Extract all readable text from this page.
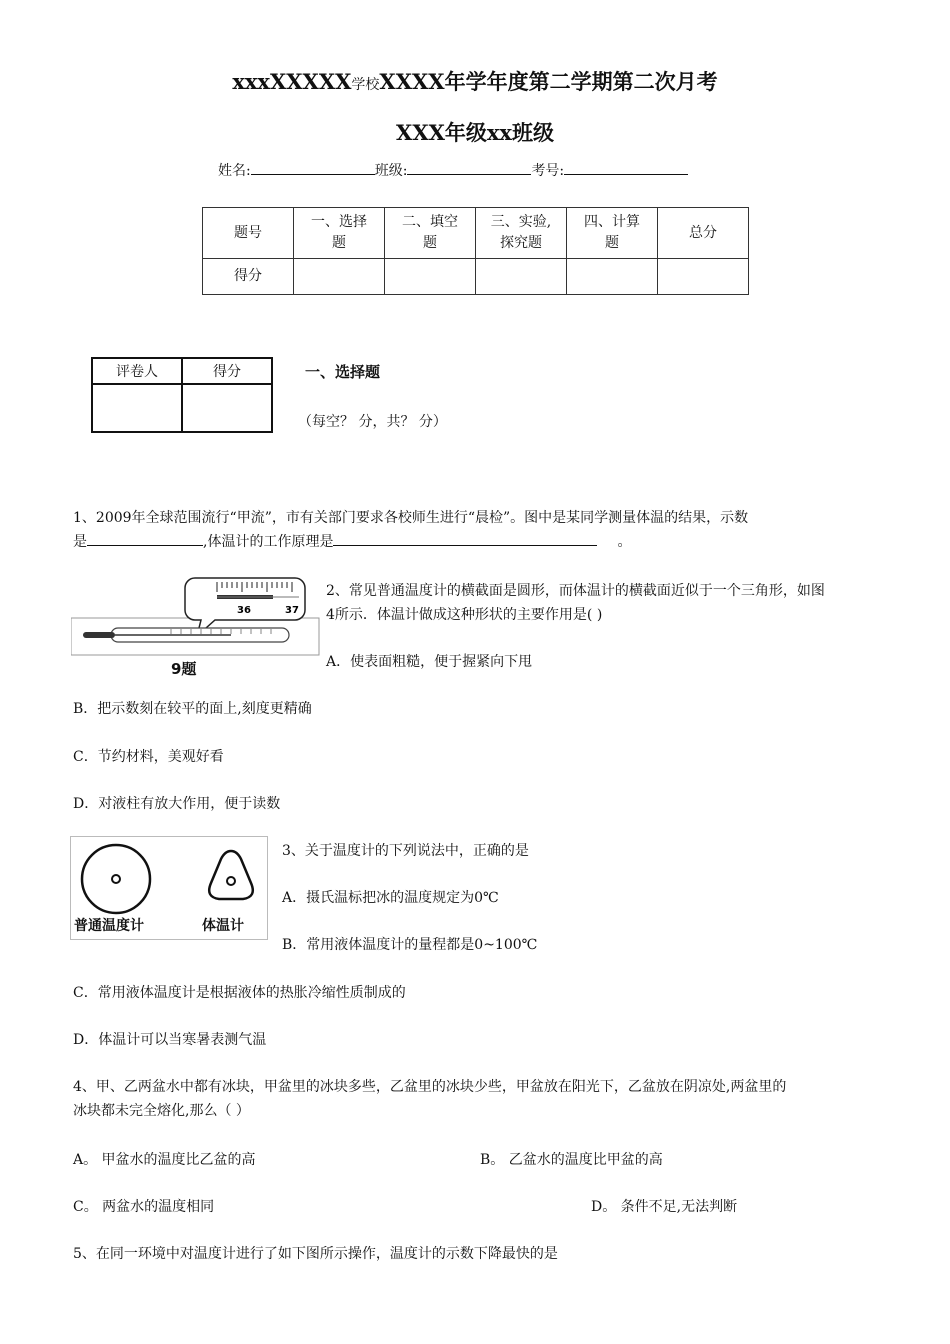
xxxXXXXX学校XXXX年学年度第二学期第二次月考
XXX年级xx班级
姓名:	班级:	考号:
题号	一、选择题	二、填空题	三、实验,探究题	四、计算题	总分
得分					
评卷人	得分
		一、选择题
（每空？ 分，共？ 分）
1、2009年全球范围流行“甲流”，市有关部门要求各校师生进行“晨检”。图中是某同学测量体温的结果，示数
是	,体温计的工作原理是	。
36	37
9题
2、常见普通温度计的横截面是圆形，而体温计的横截面近似于一个三角形，如图
4所示．体温计做成这种形状的主要作用是( )
A．使表面粗糙，便于握紧向下甩
B．把示数刻在较平的面上,刻度更精确
C．节约材料，美观好看
D．对液柱有放大作用，便于读数
普通温度计	体温计
3、关于温度计的下列说法中，正确的是
A．摄氏温标把冰的温度规定为0℃
B．常用液体温度计的量程都是0~100℃
C．常用液体温度计是根据液体的热胀冷缩性质制成的
D．体温计可以当寒暑表测气温
4、甲、乙两盆水中都有冰块，甲盆里的冰块多些，乙盆里的冰块少些，甲盆放在阳光下，乙盆放在阴凉处,两盆里的
冰块都未完全熔化,那么（ ）
A。 甲盆水的温度比乙盆的高	B。 乙盆水的温度比甲盆的高
C。 两盆水的温度相同	D。 条件不足,无法判断
5、在同一环境中对温度计进行了如下图所示操作，温度计的示数下降最快的是
